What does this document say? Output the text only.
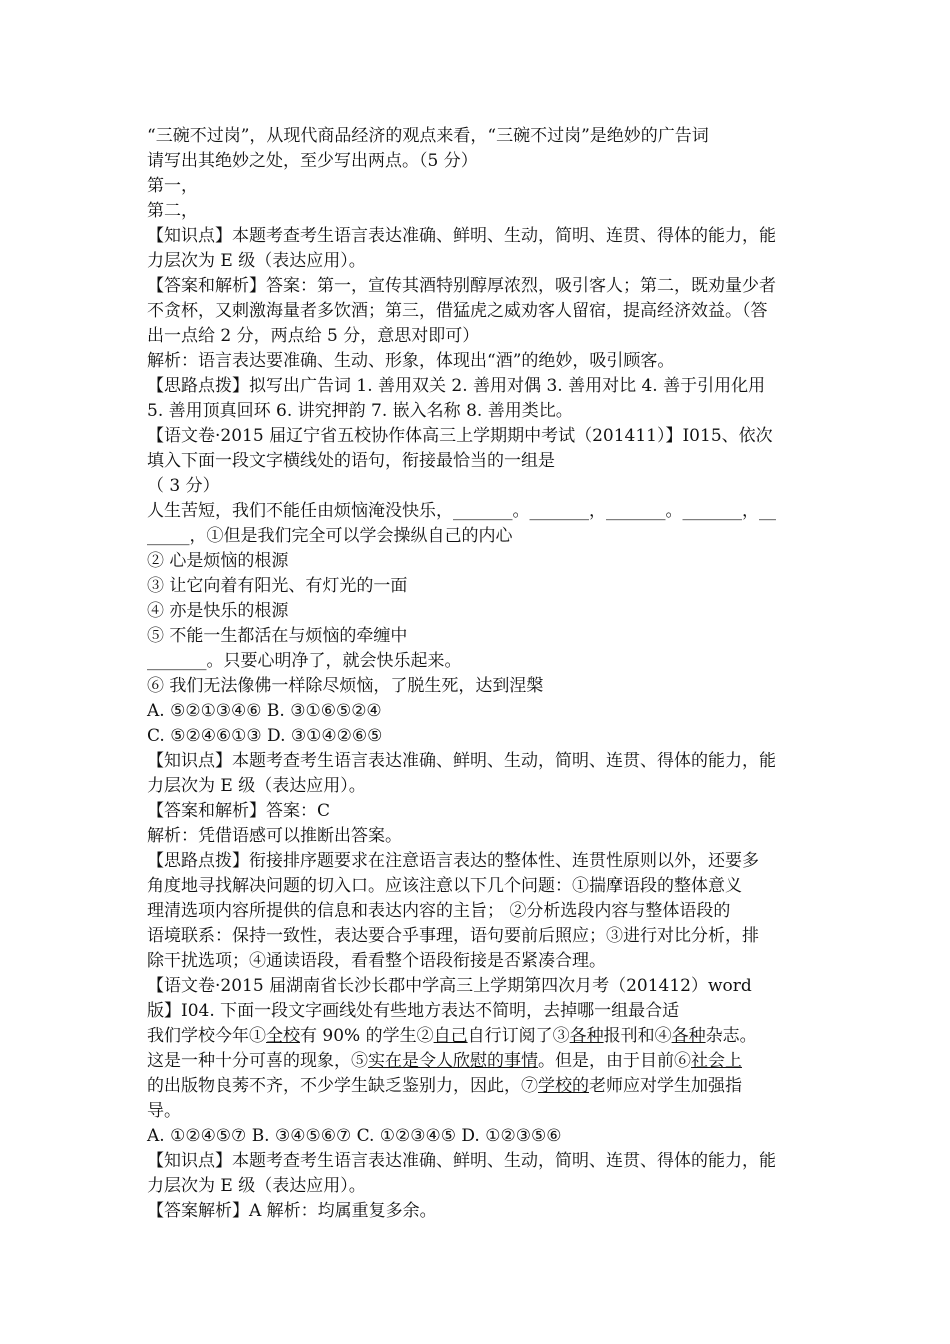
“三碗不过岗”，从现代商品经济的观点来看，“三碗不过岗”是绝妙的广告词
请写出其绝妙之处，至少写出两点。（5 分）
第一，
第二，
【知识点】本题考查考生语言表达准确、鲜明、生动，简明、连贯、得体的能力，能
力层次为 E 级（表达应用）。
【答案和解析】答案：第一，宣传其酒特别醇厚浓烈，吸引客人；第二，既劝量少者
不贪杯，又刺激海量者多饮酒；第三，借猛虎之威劝客人留宿，提高经济效益。（答
出一点给 2 分，两点给 5 分，意思对即可）
解析：语言表达要准确、生动、形象，体现出“酒”的绝妙，吸引顾客。
【思路点拨】拟写出广告词 1. 善用双关 2. 善用对偶 3. 善用对比 4. 善于引用化用
5. 善用顶真回环 6. 讲究押韵 7. 嵌入名称 8. 善用类比。
【语文卷·2015 届辽宁省五校协作体高三上学期期中考试（201411）】I015、依次
填入下面一段文字横线处的语句，衔接最恰当的一组是
（ 3 分）
人生苦短，我们不能任由烦恼淹没快乐，_______。_______，_______。_______，__
_____，①但是我们完全可以学会操纵自己的内心
② 心是烦恼的根源
③ 让它向着有阳光、有灯光的一面
④ 亦是快乐的根源
⑤ 不能一生都活在与烦恼的牵缠中
_______。只要心明净了，就会快乐起来。
⑥ 我们无法像佛一样除尽烦恼，了脱生死，达到涅槃
A. ⑤②①③④⑥ B. ③①⑥⑤②④
C. ⑤②④⑥①③ D. ③①④②⑥⑤
【知识点】本题考查考生语言表达准确、鲜明、生动，简明、连贯、得体的能力，能
力层次为 E 级（表达应用）。
【答案和解析】答案：C
解析：凭借语感可以推断出答案。
【思路点拨】衔接排序题要求在注意语言表达的整体性、连贯性原则以外，还要多
角度地寻找解决问题的切入口。应该注意以下几个问题：①揣摩语段的整体意义
理清选项内容所提供的信息和表达内容的主旨； ②分析选段内容与整体语段的
语境联系：保持一致性，表达要合乎事理，语句要前后照应；③进行对比分析，排
除干扰选项；④通读语段，看看整个语段衔接是否紧凑合理。
【语文卷·2015 届湖南省长沙长郡中学高三上学期第四次月考（201412）word
版】I04. 下面一段文字画线处有些地方表达不简明，去掉哪一组最合适
我们学校今年①全校有 90% 的学生②自己自行订阅了③各种报刊和④各种杂志。
这是一种十分可喜的现象，⑤实在是令人欣慰的事情。但是，由于目前⑥社会上
的出版物良莠不齐，不少学生缺乏鉴别力，因此，⑦学校的老师应对学生加强指
导。
A. ①②④⑤⑦ B. ③④⑤⑥⑦ C. ①②③④⑤ D. ①②③⑤⑥
【知识点】本题考查考生语言表达准确、鲜明、生动，简明、连贯、得体的能力，能
力层次为 E 级（表达应用）。
【答案解析】A 解析：均属重复多余。
